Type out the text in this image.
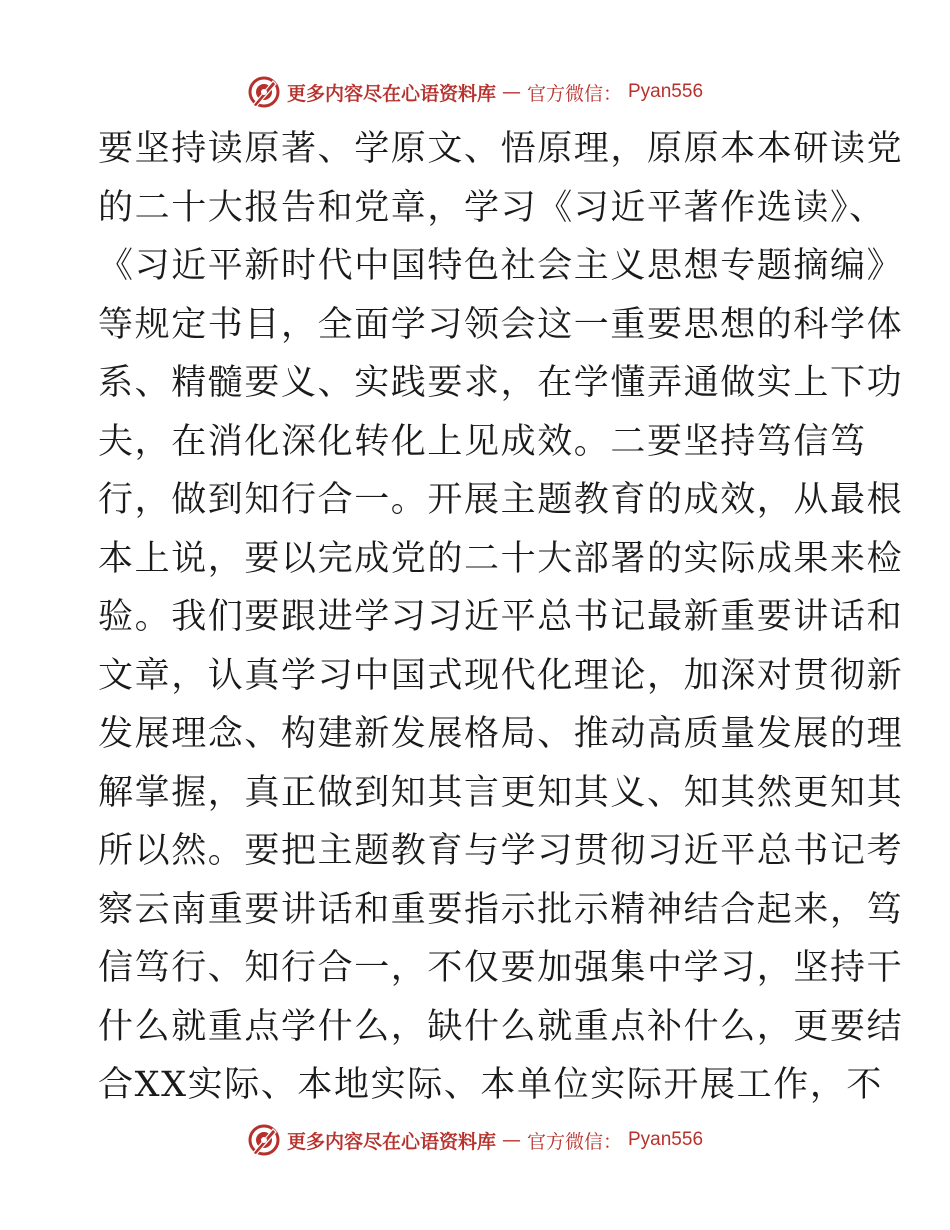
更多内容尽在心语资料库 — 官方微信： Pyan556
要坚持读原著、学原文、悟原理，原原本本研读党
的二十大报告和党章，学习《习近平著作选读》、
《习近平新时代中国特色社会主义思想专题摘编》
等规定书目，全面学习领会这一重要思想的科学体
系、精髓要义、实践要求，在学懂弄通做实上下功
夫，在消化深化转化上见成效。二要坚持笃信笃
行，做到知行合一。开展主题教育的成效，从最根
本上说，要以完成党的二十大部署的实际成果来检
验。我们要跟进学习习近平总书记最新重要讲话和
文章，认真学习中国式现代化理论，加深对贯彻新
发展理念、构建新发展格局、推动高质量发展的理
解掌握，真正做到知其言更知其义、知其然更知其
所以然。要把主题教育与学习贯彻习近平总书记考
察云南重要讲话和重要指示批示精神结合起来，笃
信笃行、知行合一，不仅要加强集中学习，坚持干
什么就重点学什么，缺什么就重点补什么，更要结
合XX实际、本地实际、本单位实际开展工作，不
更多内容尽在心语资料库 — 官方微信： Pyan556
